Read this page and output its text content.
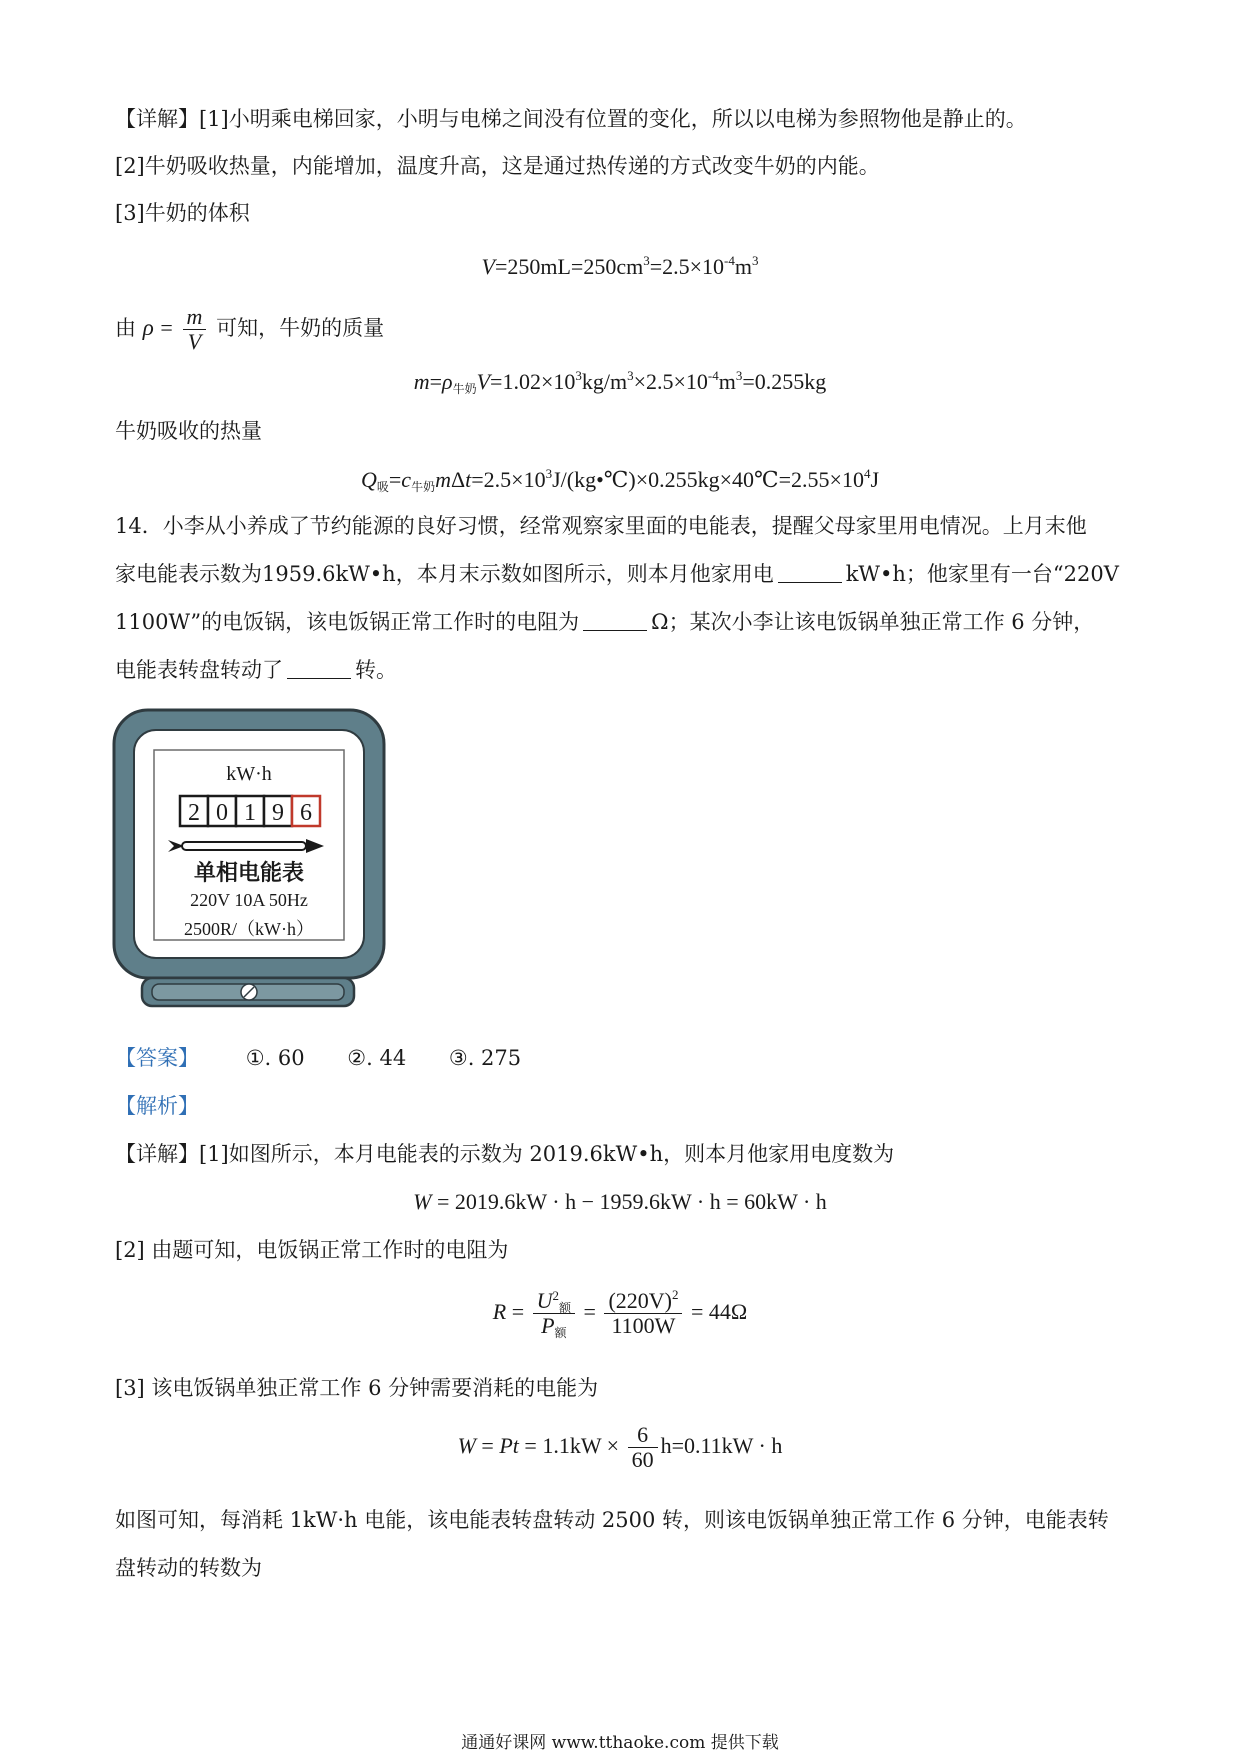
【详解】[1]小明乘电梯回家，小明与电梯之间没有位置的变化，所以以电梯为参照物他是静止的。
[2]牛奶吸收热量，内能增加，温度升高，这是通过热传递的方式改变牛奶的内能。
[3]牛奶的体积
$V=250mL=250cm^3=2.5\times 10^{-4}m^3$
由 $\rho = \frac{m}{V}$ 可知，牛奶的质量
$m=\rho_{牛奶}V=1.02\times 10^3kg/m^3\times 2.5\times 10^{-4}m^3=0.255kg$
牛奶吸收的热量
$Q_吸=c_{牛奶}m\Delta t=2.5\times 10^3J/(kg•℃)\times 0.255kg\times 40℃=2.55\times 10^4J$
14．小李从小养成了节约能源的良好习惯，经常观察家里面的电能表，提醒父母家里用电情况。上月末他
家电能表示数为1959.6kW•h，本月末示数如图所示，则本月他家用电	kW•h；他家里有一台“220V
1100W”的电饭锅，该电饭锅正常工作时的电阻为	Ω；某次小李让该电饭锅单独正常工作 6 分钟，
电能表转盘转动了	转。
kW·h
2 0 1 9 6
单相电能表
220V 10A 50Hz
2500R/（kW·h）
【答案】 ①. 60 ②. 44 ③. 275
【解析】
【详解】[1]如图所示，本月电能表的示数为 2019.6kW•h，则本月他家用电度数为
W = 2019.6kW · h − 1959.6kW · h = 60kW · h
[2] 由题可知，电饭锅正常工作时的电阻为
$R = \frac{U^2_额}{P_额} = \frac{(220V)^2}{1100W} = 44\Omega$
[3] 该电饭锅单独正常工作 6 分钟需要消耗的电能为
$W = Pt = 1.1kW \times \frac{6}{60} h=0.11kW \cdot h$
如图可知，每消耗 1kW·h 电能，该电能表转盘转动 2500 转，则该电饭锅单独正常工作 6 分钟，电能表转
盘转动的转数为
通通好课网 www.tthaoke.com 提供下载
